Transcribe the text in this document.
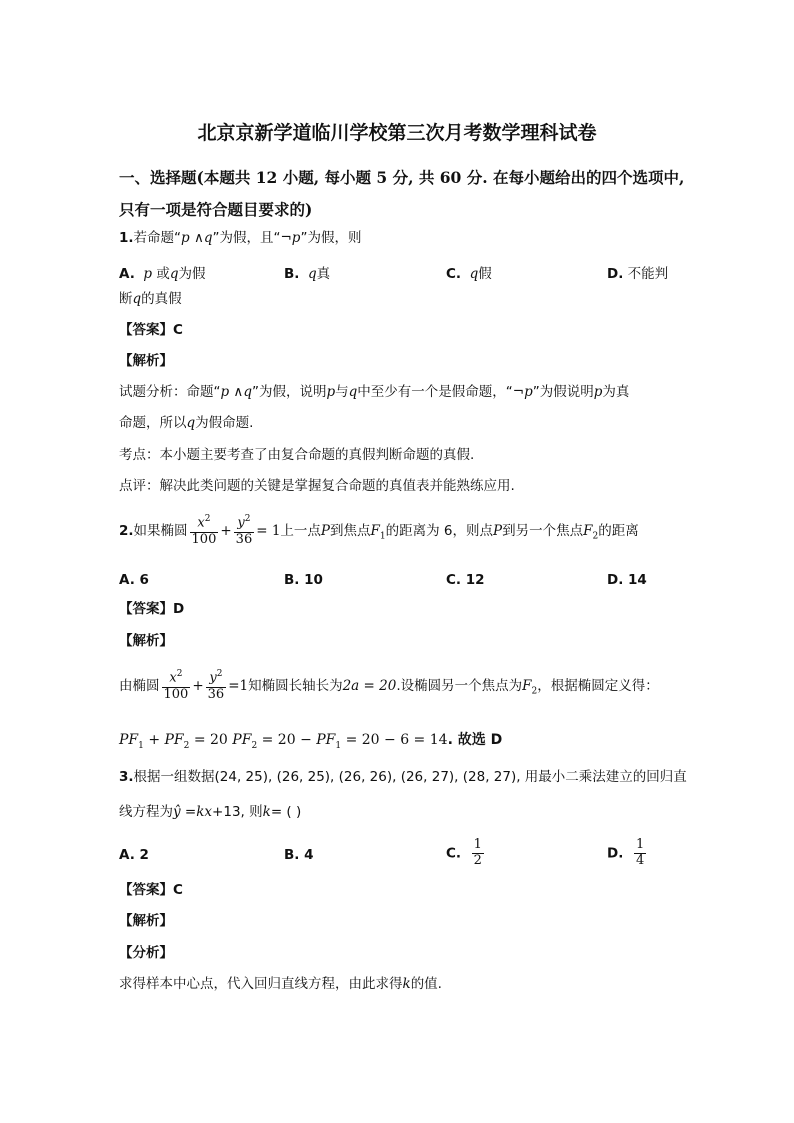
北京京新学道临川学校第三次月考数学理科试卷
一、选择题(本题共 12 小题, 每小题 5 分, 共 60 分. 在每小题给出的四个选项中,
只有一项是符合题目要求的)
1.若命题“p ∧q”为假，且“¬p”为假，则
A. p 或q为假	B. q真	C. q假	D. 不能判
断q的真假
【答案】C
【解析】
试题分析：命题“p ∧q”为假，说明p与q中至少有一个是假命题，“¬p”为假说明p为真
命题，所以q为假命题.
考点：本小题主要考查了由复合命题的真假判断命题的真假.
点评：解决此类问题的关键是掌握复合命题的真值表并能熟练应用.
2.如果椭圆 $\frac{x^2}{100} + \frac{y^2}{36} = 1$上一点P到焦点$F_1$的距离为 6，则点P到另一个焦点$F_2$的距离
A. 6	B. 10	C. 12	D. 14
【答案】D
【解析】
由椭圆 $\frac{x^2}{100} + \frac{y^2}{36} =1$知椭圆长轴长为2a = 20.设椭圆另一个焦点为$F_2$，根据椭圆定义得：
$PF_1 + PF_2 = 20$ $PF_2 = 20 - PF_1 = 20 - 6 = 14$. 故选 D
3.根据一组数据(24, 25), (26, 25), (26, 26), (26, 27), (28, 27), 用最小二乘法建立的回归直
线方程为ŷ =kx+13, 则k= ( )
A. 2	B. 4	C. $\frac{1}{2}$	D. $\frac{1}{4}$
【答案】C
【解析】
【分析】
求得样本中心点，代入回归直线方程，由此求得k的值.
